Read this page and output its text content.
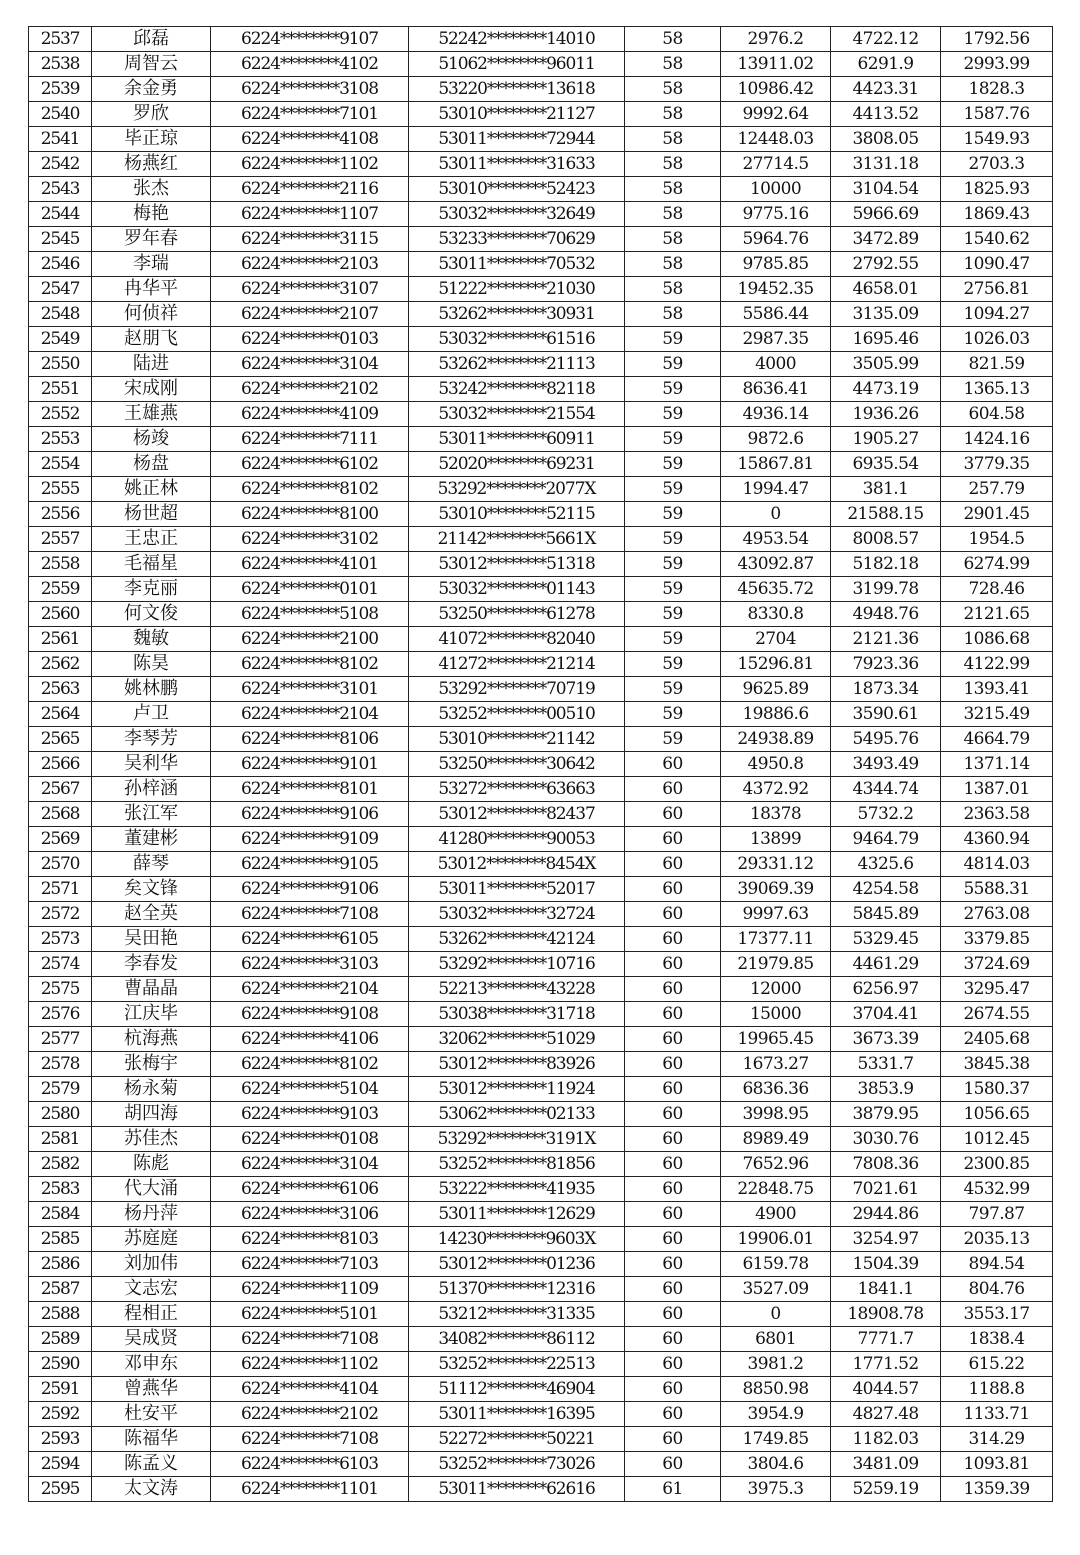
2537	邱磊	6224********9107	52242********14010	58	2976.2	4722.12	1792.56
2538	周智云	6224********4102	51062********96011	58	13911.02	6291.9	2993.99
2539	余金勇	6224********3108	53220********13618	58	10986.42	4423.31	1828.3
2540	罗欣	6224********7101	53010********21127	58	9992.64	4413.52	1587.76
2541	毕正琼	6224********4108	53011********72944	58	12448.03	3808.05	1549.93
2542	杨燕红	6224********1102	53011********31633	58	27714.5	3131.18	2703.3
2543	张杰	6224********2116	53010********52423	58	10000	3104.54	1825.93
2544	梅艳	6224********1107	53032********32649	58	9775.16	5966.69	1869.43
2545	罗年春	6224********3115	53233********70629	58	5964.76	3472.89	1540.62
2546	李瑞	6224********2103	53011********70532	58	9785.85	2792.55	1090.47
2547	冉华平	6224********3107	51222********21030	58	19452.35	4658.01	2756.81
2548	何侦祥	6224********2107	53262********30931	58	5586.44	3135.09	1094.27
2549	赵朋飞	6224********0103	53032********61516	59	2987.35	1695.46	1026.03
2550	陆进	6224********3104	53262********21113	59	4000	3505.99	821.59
2551	宋成刚	6224********2102	53242********82118	59	8636.41	4473.19	1365.13
2552	王雄燕	6224********4109	53032********21554	59	4936.14	1936.26	604.58
2553	杨竣	6224********7111	53011********60911	59	9872.6	1905.27	1424.16
2554	杨盘	6224********6102	52020********69231	59	15867.81	6935.54	3779.35
2555	姚正林	6224********8102	53292********2077X	59	1994.47	381.1	257.79
2556	杨世超	6224********8100	53010********52115	59	0	21588.15	2901.45
2557	王忠正	6224********3102	21142********5661X	59	4953.54	8008.57	1954.5
2558	毛福星	6224********4101	53012********51318	59	43092.87	5182.18	6274.99
2559	李克丽	6224********0101	53032********01143	59	45635.72	3199.78	728.46
2560	何文俊	6224********5108	53250********61278	59	8330.8	4948.76	2121.65
2561	魏敏	6224********2100	41072********82040	59	2704	2121.36	1086.68
2562	陈昊	6224********8102	41272********21214	59	15296.81	7923.36	4122.99
2563	姚林鹏	6224********3101	53292********70719	59	9625.89	1873.34	1393.41
2564	卢卫	6224********2104	53252********00510	59	19886.6	3590.61	3215.49
2565	李琴芳	6224********8106	53010********21142	59	24938.89	5495.76	4664.79
2566	吴利华	6224********9101	53250********30642	60	4950.8	3493.49	1371.14
2567	孙梓涵	6224********8101	53272********63663	60	4372.92	4344.74	1387.01
2568	张江军	6224********9106	53012********82437	60	18378	5732.2	2363.58
2569	董建彬	6224********9109	41280********90053	60	13899	9464.79	4360.94
2570	薛琴	6224********9105	53012********8454X	60	29331.12	4325.6	4814.03
2571	矣文锋	6224********9106	53011********52017	60	39069.39	4254.58	5588.31
2572	赵全英	6224********7108	53032********32724	60	9997.63	5845.89	2763.08
2573	吴田艳	6224********6105	53262********42124	60	17377.11	5329.45	3379.85
2574	李春发	6224********3103	53292********10716	60	21979.85	4461.29	3724.69
2575	曹晶晶	6224********2104	52213********43228	60	12000	6256.97	3295.47
2576	江庆毕	6224********9108	53038********31718	60	15000	3704.41	2674.55
2577	杭海燕	6224********4106	32062********51029	60	19965.45	3673.39	2405.68
2578	张梅宇	6224********8102	53012********83926	60	1673.27	5331.7	3845.38
2579	杨永菊	6224********5104	53012********11924	60	6836.36	3853.9	1580.37
2580	胡四海	6224********9103	53062********02133	60	3998.95	3879.95	1056.65
2581	苏佳杰	6224********0108	53292********3191X	60	8989.49	3030.76	1012.45
2582	陈彪	6224********3104	53252********81856	60	7652.96	7808.36	2300.85
2583	代大涌	6224********6106	53222********41935	60	22848.75	7021.61	4532.99
2584	杨丹萍	6224********3106	53011********12629	60	4900	2944.86	797.87
2585	苏庭庭	6224********8103	14230********9603X	60	19906.01	3254.97	2035.13
2586	刘加伟	6224********7103	53012********01236	60	6159.78	1504.39	894.54
2587	文志宏	6224********1109	51370********12316	60	3527.09	1841.1	804.76
2588	程相正	6224********5101	53212********31335	60	0	18908.78	3553.17
2589	吴成贤	6224********7108	34082********86112	60	6801	7771.7	1838.4
2590	邓申东	6224********1102	53252********22513	60	3981.2	1771.52	615.22
2591	曾燕华	6224********4104	51112********46904	60	8850.98	4044.57	1188.8
2592	杜安平	6224********2102	53011********16395	60	3954.9	4827.48	1133.71
2593	陈福华	6224********7108	52272********50221	60	1749.85	1182.03	314.29
2594	陈孟义	6224********6103	53252********73026	60	3804.6	3481.09	1093.81
2595	太文涛	6224********1101	53011********62616	61	3975.3	5259.19	1359.39
